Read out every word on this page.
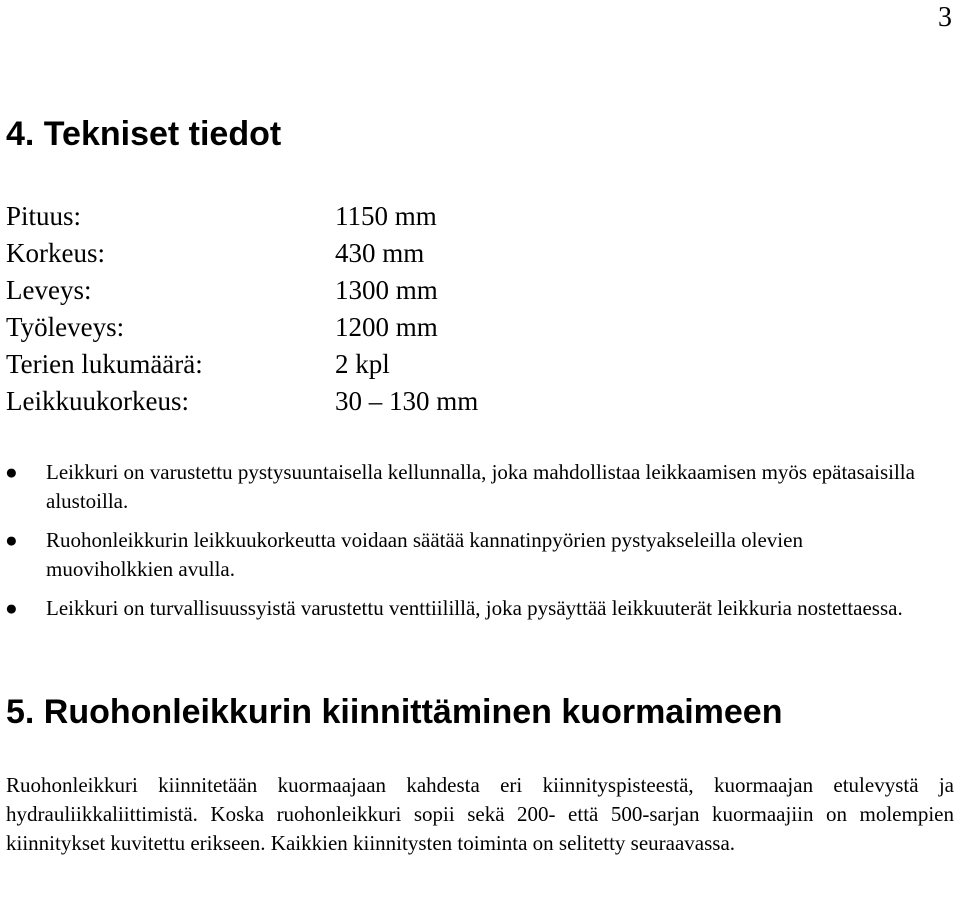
3
4. Tekniset tiedot
Pituus:	1150 mm
Korkeus:	430 mm
Leveys:	1300 mm
Työleveys:	1200 mm
Terien lukumäärä:	2 kpl
Leikkuukorkeus:	30 – 130 mm
● Leikkuri on varustettu pystysuuntaisella kellunnalla, joka mahdollistaa leikkaamisen myös epätasaisilla alustoilla.
● Ruohonleikkurin leikkuukorkeutta voidaan säätää kannatinpyörien pystyakseleilla olevien muoviholkkien avulla.
● Leikkuri on turvallisuussyistä varustettu venttiilillä, joka pysäyttää leikkuuterät leikkuria nostettaessa.
5. Ruohonleikkurin kiinnittäminen kuormaimeen

Ruohonleikkuri kiinnitetään kuormaajaan kahdesta eri kiinnityspisteestä, kuormaajan etulevystä ja hydrauliikkaliittimistä. Koska ruohonleikkuri sopii sekä 200- että 500-sarjan kuormaajiin on molempien kiinnitykset kuvitettu erikseen. Kaikkien kiinnitysten toiminta on selitetty seuraavassa.
